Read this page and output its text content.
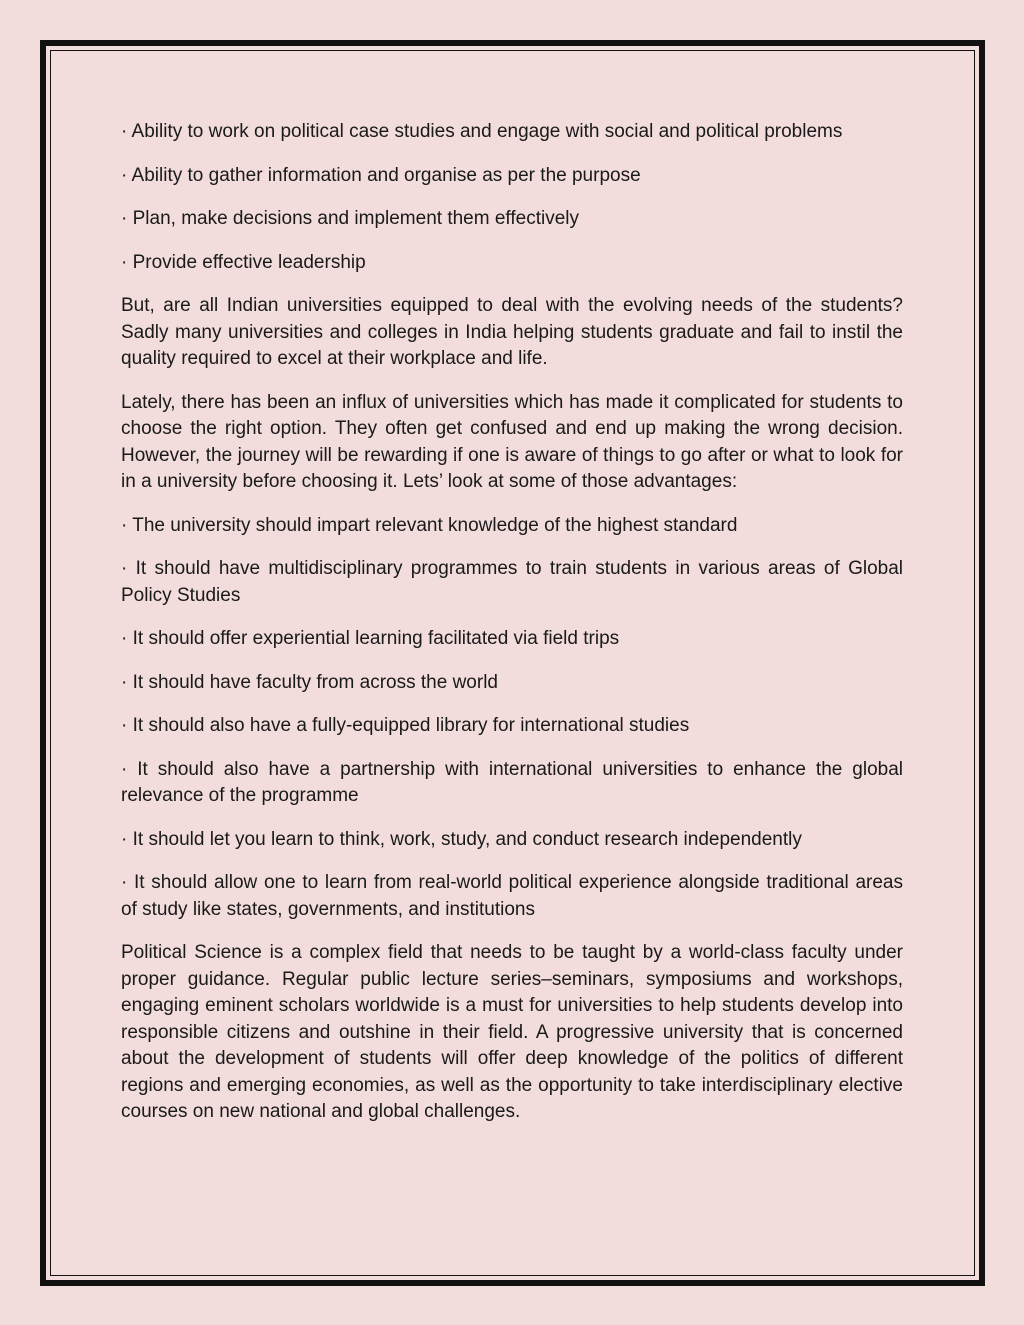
· Ability to work on political case studies and engage with social and political problems

· Ability to gather information and organise as per the purpose

· Plan, make decisions and implement them effectively

· Provide effective leadership

But, are all Indian universities equipped to deal with the evolving needs of the students? Sadly many universities and colleges in India helping students graduate and fail to instil the quality required to excel at their workplace and life.

Lately, there has been an influx of universities which has made it complicated for students to choose the right option. They often get confused and end up making the wrong decision. However, the journey will be rewarding if one is aware of things to go after or what to look for in a university before choosing it. Lets’ look at some of those advantages:

· The university should impart relevant knowledge of the highest standard

· It should have multidisciplinary programmes to train students in various areas of Global Policy Studies

· It should offer experiential learning facilitated via field trips

· It should have faculty from across the world

· It should also have a fully-equipped library for international studies

· It should also have a partnership with international universities to enhance the global relevance of the programme

· It should let you learn to think, work, study, and conduct research independently

· It should allow one to learn from real-world political experience alongside traditional areas of study like states, governments, and institutions

Political Science is a complex field that needs to be taught by a world-class faculty under proper guidance. Regular public lecture series–seminars, symposiums and workshops, engaging eminent scholars worldwide is a must for universities to help students develop into responsible citizens and outshine in their field. A progressive university that is concerned about the development of students will offer deep knowledge of the politics of different regions and emerging economies, as well as the opportunity to take interdisciplinary elective courses on new national and global challenges.
